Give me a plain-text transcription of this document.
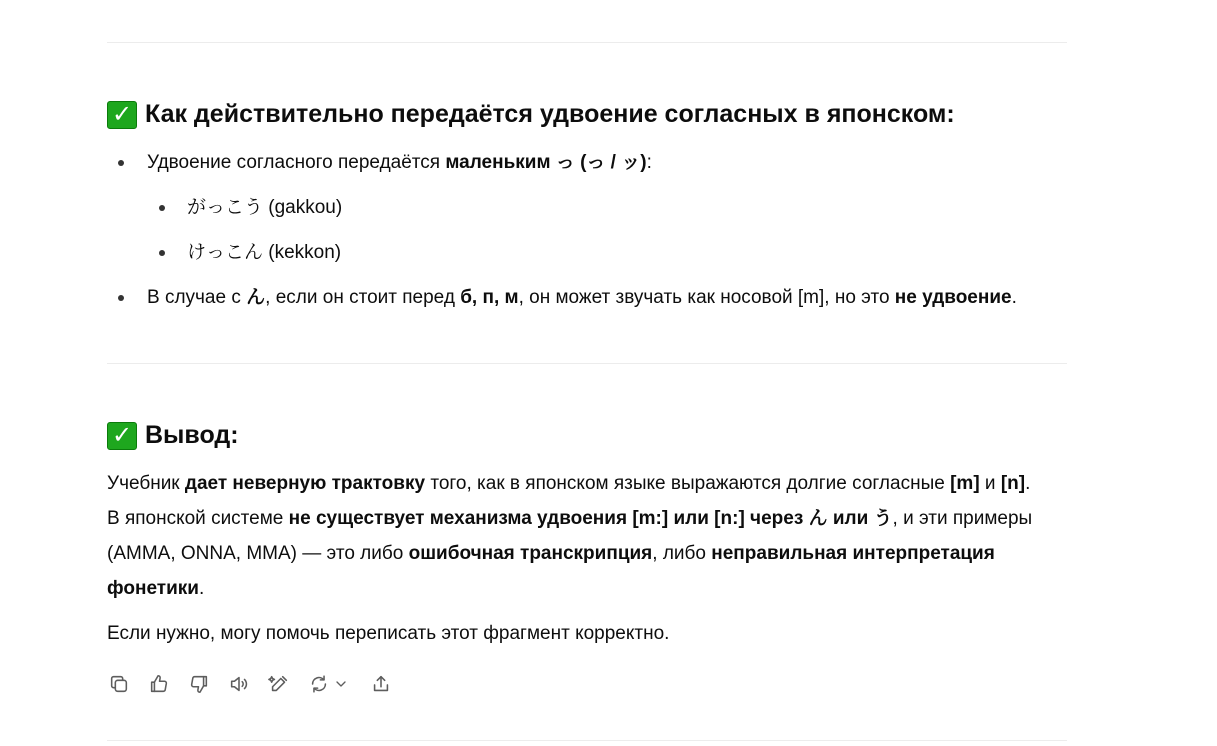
✓ Как действительно передаётся удвоение согласных в японском:
Удвоение согласного передаётся маленьким っ (っ / ッ):
がっこう (gakkou)
けっこん (kekkon)
В случае с ん, если он стоит перед б, п, м, он может звучать как носовой [m], но это не удвоение.
✓ Вывод:
Учебник дает неверную трактовку того, как в японском языке выражаются долгие согласные [m] и [n].
В японской системе не существует механизма удвоения [m:] или [n:] через ん или う, и эти примеры
(AMMA, ONNA, MMA) — это либо ошибочная транскрипция, либо неправильная интерпретация
фонетики.
Если нужно, могу помочь переписать этот фрагмент корректно.
